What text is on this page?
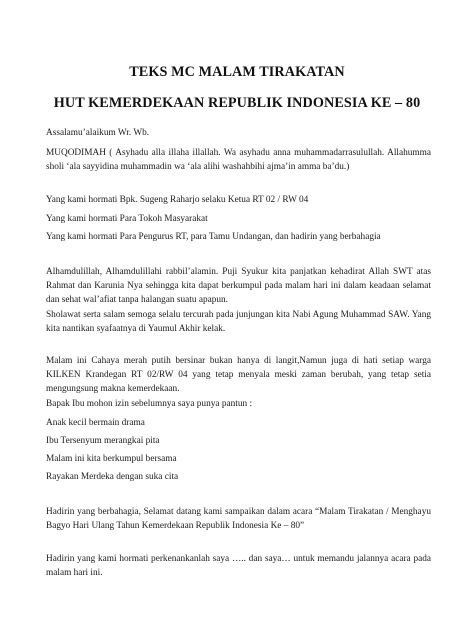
TEKS MC MALAM TIRAKATAN
HUT KEMERDEKAAN REPUBLIK INDONESIA KE – 80

Assalamu’alaikum Wr. Wb.

MUQODIMAH ( Asyhadu alla illaha illallah. Wa asyhadu anna muhammadarrasulullah. Allahumma sholi ‘ala sayyidina muhammadin wa ‘ala alihi washahbihi ajma’in amma ba’du.)

Yang kami hormati Bpk. Sugeng Raharjo selaku Ketua RT 02 / RW 04

Yang kami hormati Para Tokoh Masyarakat

Yang kami hormati Para Pengurus RT, para Tamu Undangan, dan hadirin yang berbahagia

Alhamdulillah, Alhamdulillahi rabbil’alamin. Puji Syukur kita panjatkan kehadirat Allah SWT atas Rahmat dan Karunia Nya sehingga kita dapat berkumpul pada malam hari ini dalam keadaan selamat dan sehat wal’afiat tanpa halangan suatu apapun.

Sholawat serta salam semoga selalu tercurah pada junjungan kita Nabi Agung Muhammad SAW. Yang kita nantikan syafaatnya di Yaumul Akhir kelak.

Malam ini Cahaya merah putih bersinar bukan hanya di langit,Namun juga di hati setiap warga KILKEN Krandegan RT 02/RW 04 yang tetap menyala meski zaman berubah, yang tetap setia mengungsung makna kemerdekaan.

Bapak Ibu mohon izin sebelumnya saya punya pantun :

Anak kecil bermain drama

Ibu Tersenyum merangkai pita

Malam ini kita berkumpul bersama

Rayakan Merdeka dengan suka cita

Hadirin yang berbahagia, Selamat datang kami sampaikan dalam acara “Malam Tirakatan / Menghayu Bagyo Hari Ulang Tahun Kemerdekaan Republik Indonesia Ke – 80”

Hadirin yang kami hormati perkenankanlah saya ….. dan saya… untuk memandu jalannya acara pada malam hari ini.
